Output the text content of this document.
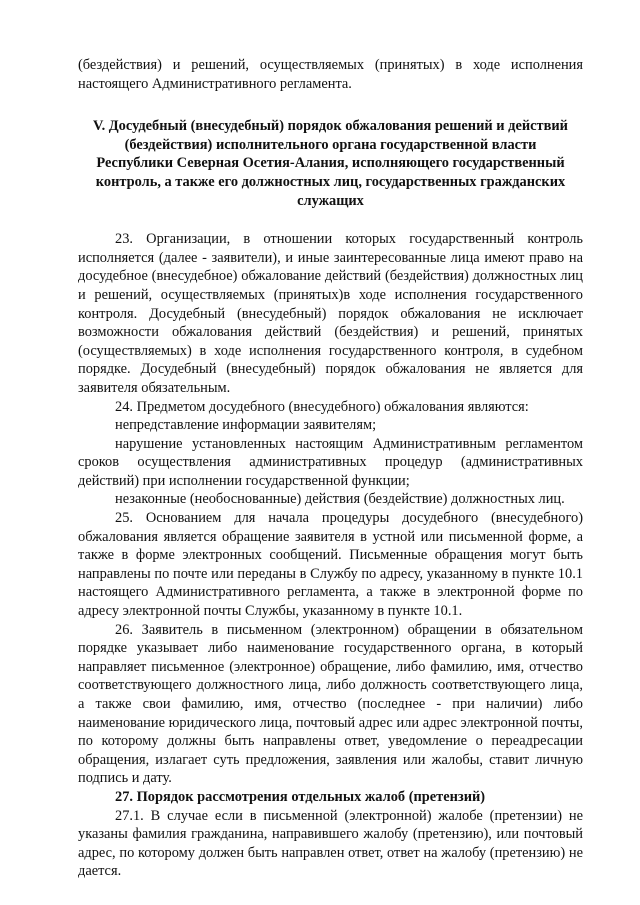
(бездействия) и решений, осуществляемых (принятых) в ходе исполнения настоящего Административного регламента.

V. Досудебный (внесудебный) порядок обжалования решений и действий (бездействия) исполнительного органа государственной власти Республики Северная Осетия-Алания, исполняющего государственный контроль, а также его должностных лиц, государственных гражданских служащих

23. Организации, в отношении которых государственный контроль исполняется (далее - заявители), и иные заинтересованные лица имеют право на досудебное (внесудебное) обжалование действий (бездействия) должностных лиц и решений, осуществляемых (принятых)в ходе исполнения государственного контроля. Досудебный (внесудебный) порядок обжалования не исключает возможности обжалования действий (бездействия) и решений, принятых (осуществляемых) в ходе исполнения государственного контроля, в судебном порядке. Досудебный (внесудебный) порядок обжалования не является для заявителя обязательным.

24. Предметом досудебного (внесудебного) обжалования являются:

непредставление информации заявителям;

нарушение установленных настоящим Административным регламентом сроков осуществления административных процедур (административных действий) при исполнении государственной функции;

незаконные (необоснованные) действия (бездействие) должностных лиц.

25. Основанием для начала процедуры досудебного (внесудебного) обжалования является обращение заявителя в устной или письменной форме, а также в форме электронных сообщений. Письменные обращения могут быть направлены по почте или переданы в Службу по адресу, указанному в пункте 10.1 настоящего Административного регламента, а также в электронной форме по адресу электронной почты Службы, указанному в пункте 10.1.

26. Заявитель в письменном (электронном) обращении в обязательном порядке указывает либо наименование государственного органа, в который направляет письменное (электронное) обращение, либо фамилию, имя, отчество соответствующего должностного лица, либо должность соответствующего лица, а также свои фамилию, имя, отчество (последнее - при наличии) либо наименование юридического лица, почтовый адрес или адрес электронной почты, по которому должны быть направлены ответ, уведомление о переадресации обращения, излагает суть предложения, заявления или жалобы, ставит личную подпись и дату.

27. Порядок рассмотрения отдельных жалоб (претензий)

27.1. В случае если в письменной (электронной) жалобе (претензии) не указаны фамилия гражданина, направившего жалобу (претензию), или почтовый адрес, по которому должен быть направлен ответ, ответ на жалобу (претензию) не дается.
